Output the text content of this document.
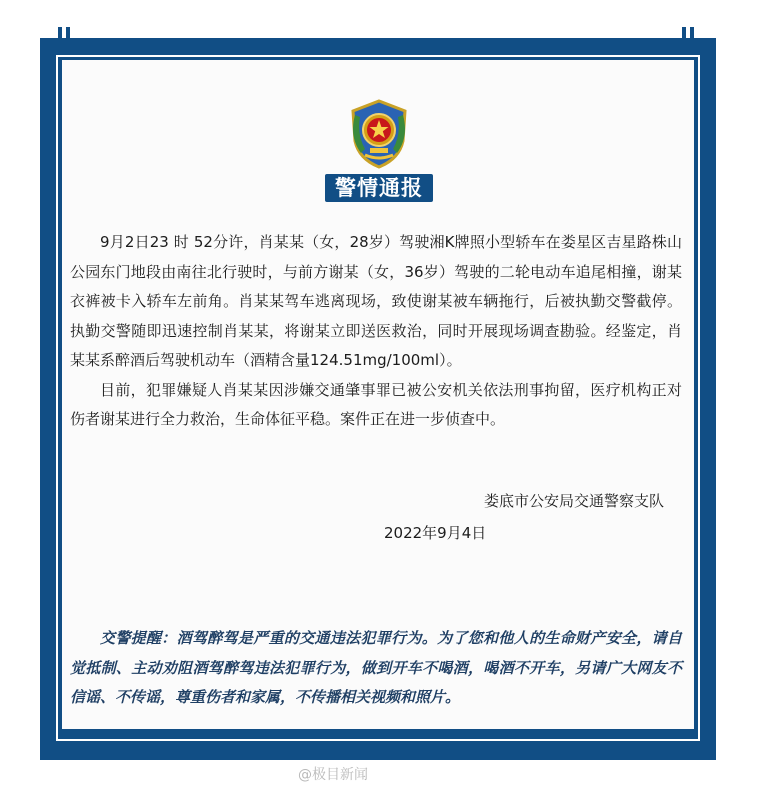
警情通报

9月2日23 时 52分许，肖某某（女，28岁）驾驶湘K牌照小型轿车在娄星区吉星路株山公园东门地段由南往北行驶时，与前方谢某（女，36岁）驾驶的二轮电动车追尾相撞，谢某衣裤被卡入轿车左前角。肖某某驾车逃离现场，致使谢某被车辆拖行，后被执勤交警截停。执勤交警随即迅速控制肖某某，将谢某立即送医救治，同时开展现场调查勘验。经鉴定，肖某某系醉酒后驾驶机动车（酒精含量124.51mg/100ml）。

目前，犯罪嫌疑人肖某某因涉嫌交通肇事罪已被公安机关依法刑事拘留，医疗机构正对伤者谢某进行全力救治，生命体征平稳。案件正在进一步侦查中。

娄底市公安局交通警察支队
2022年9月4日

交警提醒：酒驾醉驾是严重的交通违法犯罪行为。为了您和他人的生命财产安全，请自觉抵制、主动劝阻酒驾醉驾违法犯罪行为，做到开车不喝酒，喝酒不开车，另请广大网友不信谣、不传谣，尊重伤者和家属，不传播相关视频和照片。

@极目新闻
